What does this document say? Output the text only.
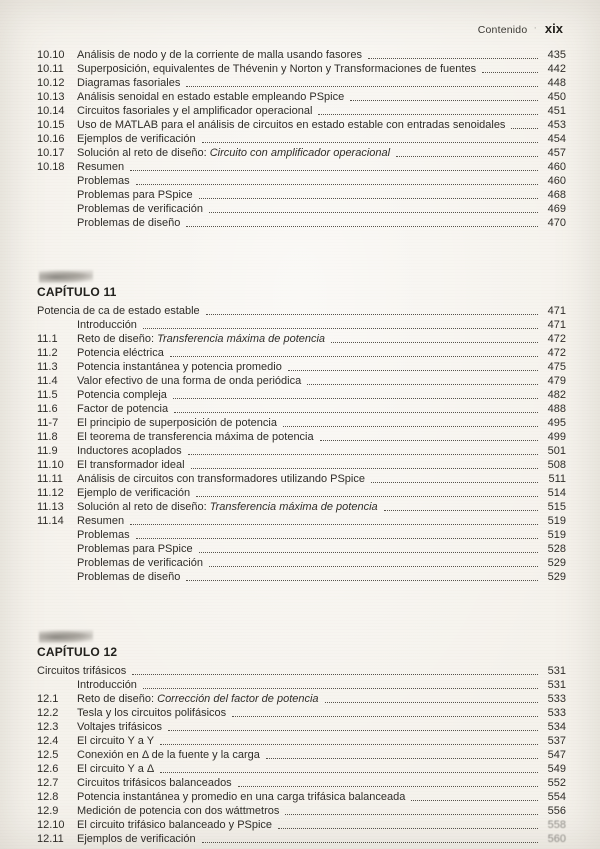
Contenido ' xix
10.10	Análisis de nodo y de la corriente de malla usando fasores	435
10.11	Superposición, equivalentes de Thévenin y Norton y Transformaciones de fuentes	442
10.12	Diagramas fasoriales	448
10.13	Análisis senoidal en estado estable empleando PSpice	450
10.14	Circuitos fasoriales y el amplificador operacional	451
10.15	Uso de MATLAB para el análisis de circuitos en estado estable con entradas senoidales	453
10.16	Ejemplos de verificación	454
10.17	Solución al reto de diseño: Circuito con amplificador operacional	457
10.18	Resumen	460
Problemas	460
Problemas para PSpice	468
Problemas de verificación	469
Problemas de diseño	470
CAPÍTULO 11
Potencia de ca de estado estable	471
Introducción	471
11.1	Reto de diseño: Transferencia máxima de potencia	472
11.2	Potencia eléctrica	472
11.3	Potencia instantánea y potencia promedio	475
11.4	Valor efectivo de una forma de onda periódica	479
11.5	Potencia compleja	482
11.6	Factor de potencia	488
11-7	El principio de superposición de potencia	495
11.8	El teorema de transferencia máxima de potencia	499
11.9	Inductores acoplados	501
11.10	El transformador ideal	508
11.11	Análisis de circuitos con transformadores utilizando PSpice	511
11.12	Ejemplo de verificación	514
11.13	Solución al reto de diseño: Transferencia máxima de potencia	515
11.14	Resumen	519
Problemas	519
Problemas para PSpice	528
Problemas de verificación	529
Problemas de diseño	529
CAPÍTULO 12
Circuitos trifásicos	531
Introducción	531
12.1	Reto de diseño: Corrección del factor de potencia	533
12.2	Tesla y los circuitos polifásicos	533
12.3	Voltajes trifásicos	534
12.4	El circuito Y a Y	537
12.5	Conexión en Δ de la fuente y la carga	547
12.6	El circuito Y a Δ	549
12.7	Circuitos trifásicos balanceados	552
12.8	Potencia instantánea y promedio en una carga trifásica balanceada	554
12.9	Medición de potencia con dos wáttmetros	556
12.10	El circuito trifásico balanceado y PSpice	558
12.11	Ejemplos de verificación	560
